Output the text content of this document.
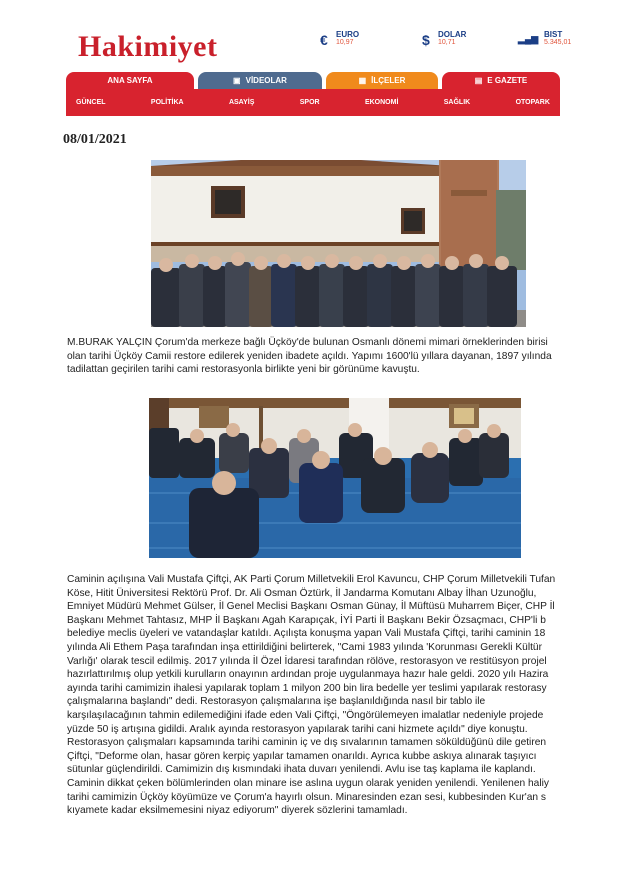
Hakimiyet	€ EURO
10,97	$ DOLAR
10,71	▂▄▆ BIST
5.345,01
ANA SAYFA	▣ VİDEOLAR	▦ İLÇELER	▤ E GAZETE
GÜNCEL	POLİTİKA	ASAYİŞ	SPOR	EKONOMİ	SAĞLIK	OTOPARK
08/01/2021
M.BURAK YALÇIN Çorum'da merkeze bağlı Üçköy'de bulunan Osmanlı dönemi mimari örneklerinden birisi
olan tarihi Üçköy Camii restore edilerek yeniden ibadete açıldı. Yapımı 1600'lü yıllara dayanan, 1897 yılında
tadilattan geçirilen tarihi cami restorasyonla birlikte yeni bir görünüme kavuştu.
Caminin açılışına Vali Mustafa Çiftçi, AK Parti Çorum Milletvekili Erol Kavuncu, CHP Çorum Milletvekili Tufan
Köse, Hitit Üniversitesi Rektörü Prof. Dr. Ali Osman Öztürk, İl Jandarma Komutanı Albay İlhan Uzunoğlu,
Emniyet Müdürü Mehmet Gülser, İl Genel Meclisi Başkanı Osman Günay, İl Müftüsü Muharrem Biçer, CHP İl
Başkanı Mehmet Tahtasız, MHP İl Başkanı Agah Karapıçak, İYİ Parti İl Başkanı Bekir Özsaçmacı, CHP'li b
belediye meclis üyeleri ve vatandaşlar katıldı. Açılışta konuşma yapan Vali Mustafa Çiftçi, tarihi caminin 18
yılında Ali Ethem Paşa tarafından inşa ettirildiğini belirterek, "Cami 1983 yılında 'Korunması Gerekli Kültür
Varlığı' olarak tescil edilmiş. 2017 yılında İl Özel İdaresi tarafından rölöve, restorasyon ve restitüsyon projel
hazırlattırılmış olup yetkili kurulların onayının ardından proje uygulanmaya hazır hale geldi. 2020 yılı Hazira
ayında tarihi camimizin ihalesi yapılarak toplam 1 milyon 200 bin lira bedelle yer teslimi yapılarak restorasy
çalışmalarına başlandı" dedi. Restorasyon çalışmalarına işe başlanıldığında nasıl bir tablo ile
karşılaşılacağının tahmin edilemediğini ifade eden Vali Çiftçi, "Öngörülemeyen imalatlar nedeniyle projede
yüzde 50 iş artışına gidildi. Aralık ayında restorasyon yapılarak tarihi cani hizmete açıldı" diye konuştu.
Restorasyon çalışmaları kapsamında tarihi caminin iç ve dış sıvalarının tamamen söküldüğünü dile getiren
Çiftçi, "Deforme olan, hasar gören kerpiç yapılar tamamen onarıldı. Ayrıca kubbe askıya alınarak taşıyıcı
sütunlar güçlendirildi. Camimizin dış kısmındaki ihata duvarı yenilendi. Avlu ise taş kaplama ile kaplandı.
Caminin dikkat çeken bölümlerinden olan minare ise aslına uygun olarak yeniden yenilendi. Yenilenen haliy
tarihi camimizin Üçköy köyümüze ve Çorum'a hayırlı olsun. Minaresinden ezan sesi, kubbesinden Kur'an s
kıyamete kadar eksilmemesini niyaz ediyorum" diyerek sözlerini tamamladı.
